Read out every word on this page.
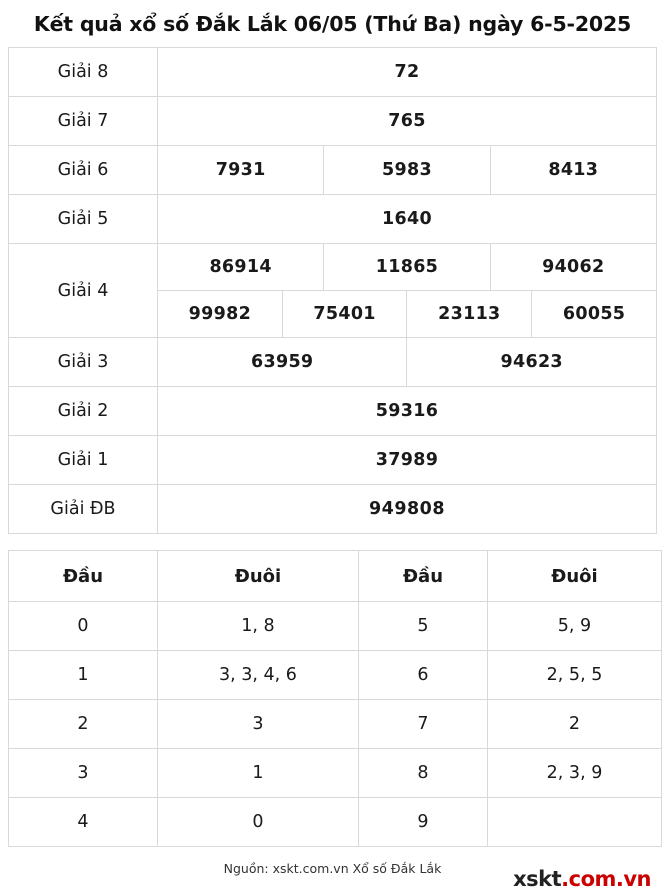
Kết quả xổ số Đắk Lắk 06/05 (Thứ Ba) ngày 6-5-2025
Giải 8	72					
Giải 7	765					
Giải 6	7931		5983		8413	
Giải 5	1640					
Giải 4	86914		11865		94062	
	99982	75401		23113		60055
Giải 3	63959			94623		
Giải 2	59316					
Giải 1	37989					
Giải ĐB	949808					
Đầu	Đuôi	Đầu	Đuôi
0	1, 8	5	5, 9
1	3, 3, 4, 6	6	2, 5, 5
2	3	7	2
3	1	8	2, 3, 9
4	0	9	
Nguồn: xskt.com.vn Xổ số Đắk Lắk	xskt.com.vn
